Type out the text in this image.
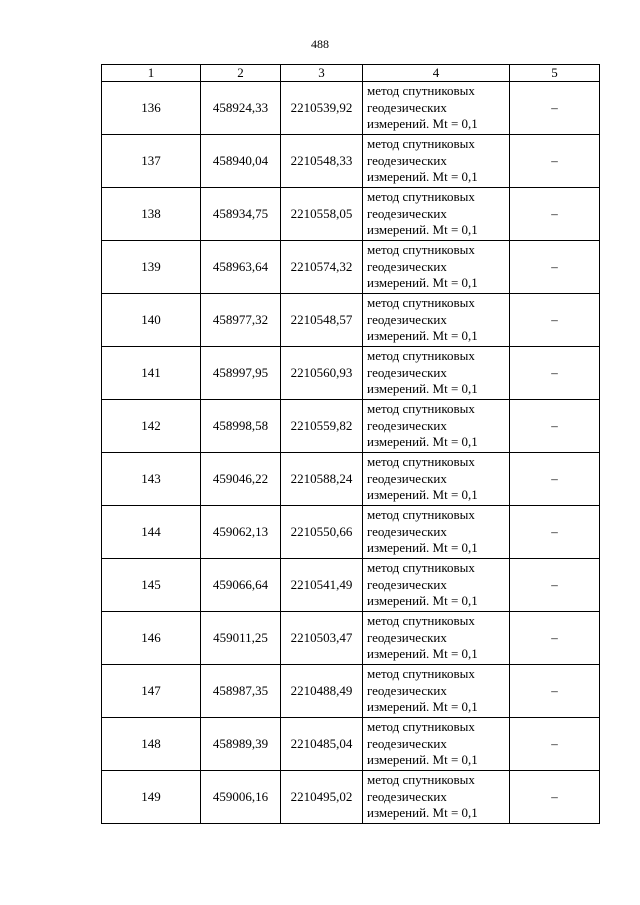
488
1	2	3	4	5
136	458924,33	2210539,92	метод спутниковых
геодезических
измерений. Mt = 0,1	–
137	458940,04	2210548,33	метод спутниковых
геодезических
измерений. Mt = 0,1	–
138	458934,75	2210558,05	метод спутниковых
геодезических
измерений. Mt = 0,1	–
139	458963,64	2210574,32	метод спутниковых
геодезических
измерений. Mt = 0,1	–
140	458977,32	2210548,57	метод спутниковых
геодезических
измерений. Mt = 0,1	–
141	458997,95	2210560,93	метод спутниковых
геодезических
измерений. Mt = 0,1	–
142	458998,58	2210559,82	метод спутниковых
геодезических
измерений. Mt = 0,1	–
143	459046,22	2210588,24	метод спутниковых
геодезических
измерений. Mt = 0,1	–
144	459062,13	2210550,66	метод спутниковых
геодезических
измерений. Mt = 0,1	–
145	459066,64	2210541,49	метод спутниковых
геодезических
измерений. Mt = 0,1	–
146	459011,25	2210503,47	метод спутниковых
геодезических
измерений. Mt = 0,1	–
147	458987,35	2210488,49	метод спутниковых
геодезических
измерений. Mt = 0,1	–
148	458989,39	2210485,04	метод спутниковых
геодезических
измерений. Mt = 0,1	–
149	459006,16	2210495,02	метод спутниковых
геодезических
измерений. Mt = 0,1	–
